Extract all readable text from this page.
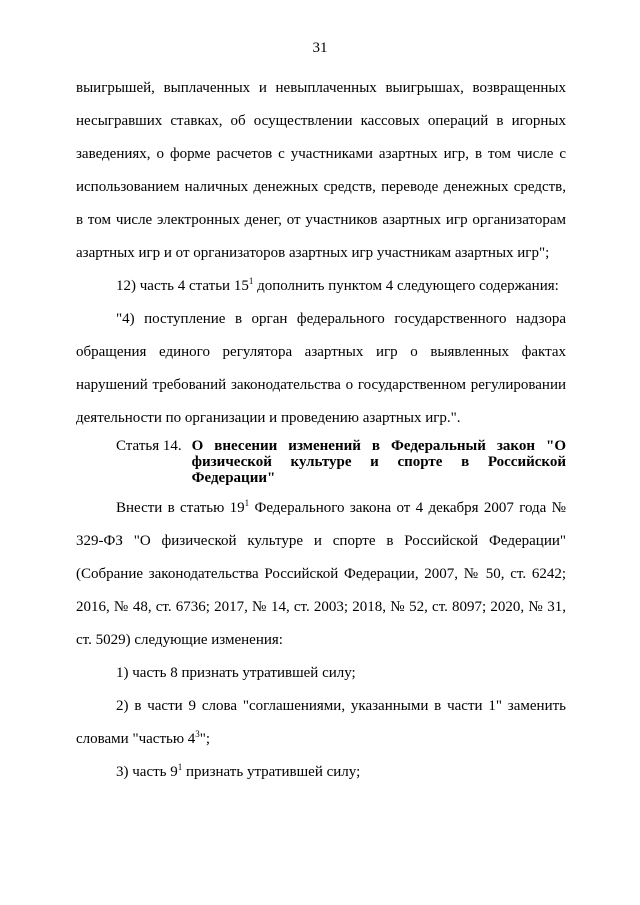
31

выигрышей, выплаченных и невыплаченных выигрышах, возвращенных несыгравших ставках, об осуществлении кассовых операций в игорных заведениях, о форме расчетов с участниками азартных игр, в том числе с использованием наличных денежных средств, переводе денежных средств, в том числе электронных денег, от участников азартных игр организаторам азартных игр и от организаторов азартных игр участникам азартных игр";

12) часть 4 статьи $15^1$ дополнить пунктом 4 следующего содержания:

"4) поступление в орган федерального государственного надзора обращения единого регулятора азартных игр о выявленных фактах нарушений требований законодательства о государственном регулировании деятельности по организации и проведению азартных игр.".

Статья 14. О внесении изменений в Федеральный закон "О физической культуре и спорте в Российской Федерации"

Внести в статью $19^1$ Федерального закона от 4 декабря 2007 года № 329-ФЗ "О физической культуре и спорте в Российской Федерации" (Собрание законодательства Российской Федерации, 2007, № 50, ст. 6242; 2016, № 48, ст. 6736; 2017, № 14, ст. 2003; 2018, № 52, ст. 8097; 2020, № 31, ст. 5029) следующие изменения:

1) часть 8 признать утратившей силу;

2) в части 9 слова "соглашениями, указанными в части 1" заменить словами "частью $4^3$";

3) часть $9^1$ признать утратившей силу;
